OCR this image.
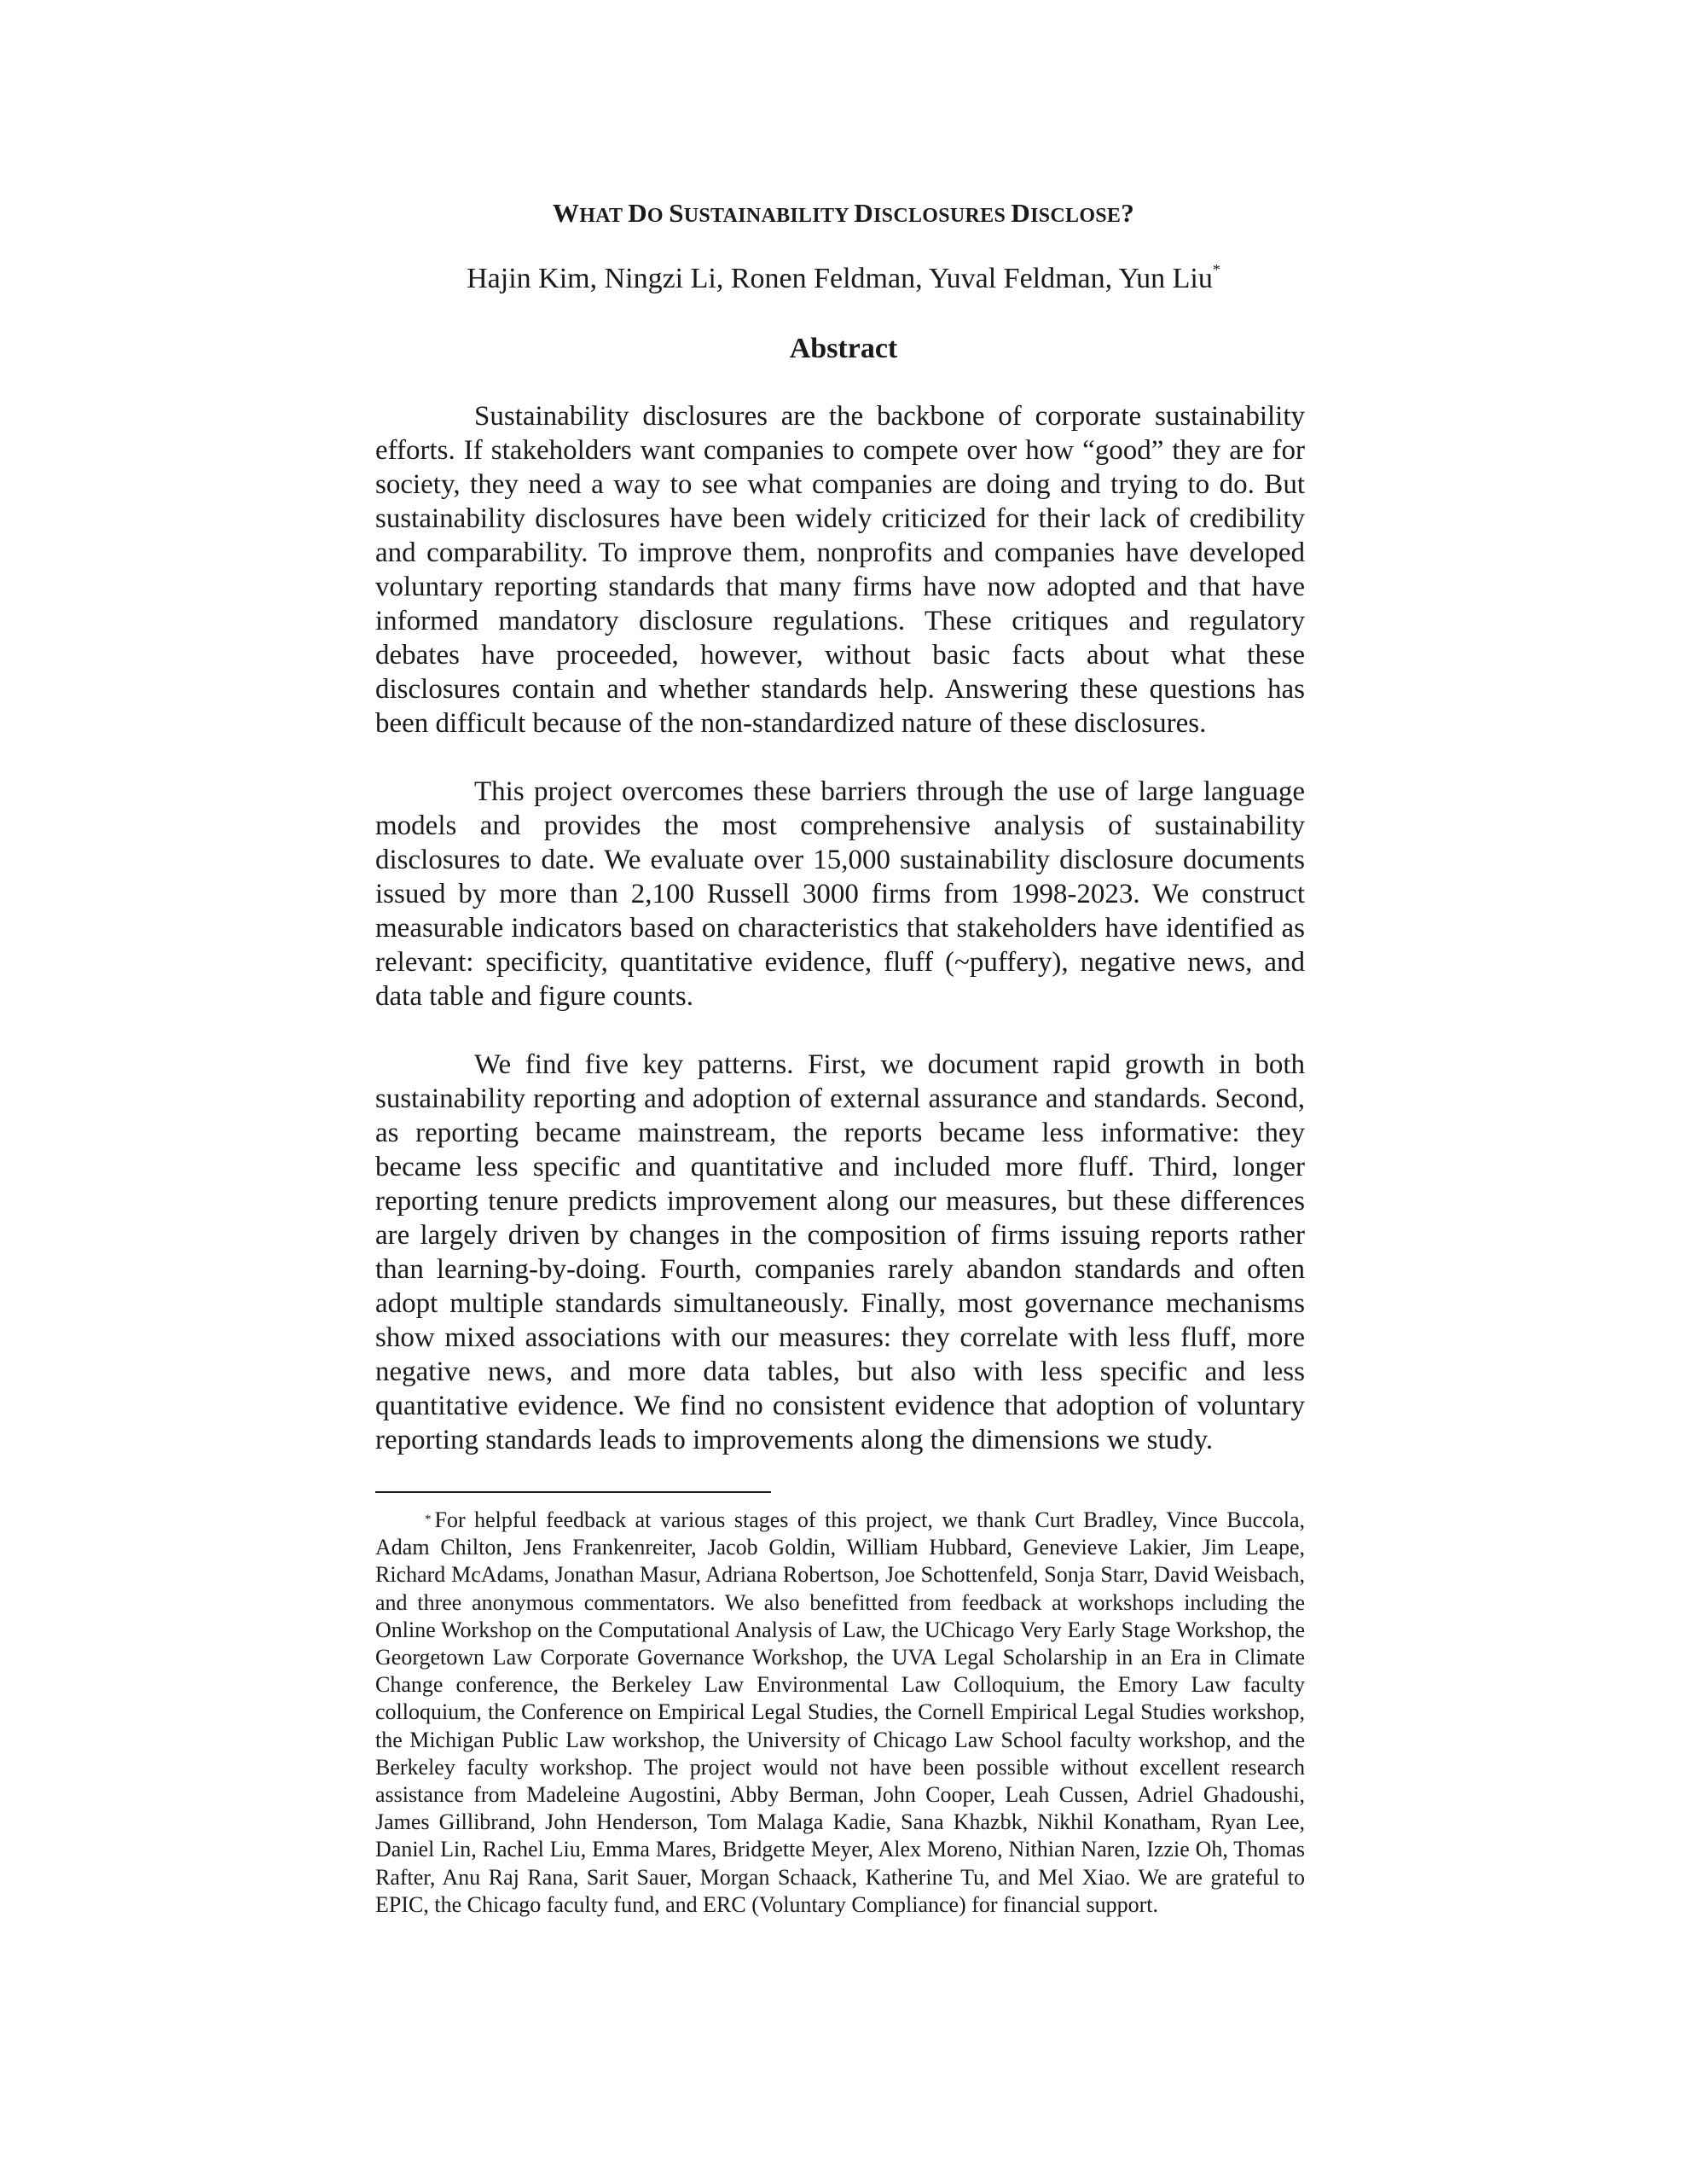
WHAT DO SUSTAINABILITY DISCLOSURES DISCLOSE?

Hajin Kim, Ningzi Li, Ronen Feldman, Yuval Feldman, Yun Liu*

Abstract

Sustainability disclosures are the backbone of corporate sustainability efforts. If stakeholders want companies to compete over how “good” they are for society, they need a way to see what companies are doing and trying to do. But sustainability disclosures have been widely criticized for their lack of credibility and comparability. To improve them, nonprofits and companies have developed voluntary reporting standards that many firms have now adopted and that have informed mandatory disclosure regulations. These critiques and regulatory debates have proceeded, however, without basic facts about what these disclosures contain and whether standards help. Answering these questions has been difficult because of the non-standardized nature of these disclosures.

This project overcomes these barriers through the use of large language models and provides the most comprehensive analysis of sustainability disclosures to date. We evaluate over 15,000 sustainability disclosure documents issued by more than 2,100 Russell 3000 firms from 1998-2023. We construct measurable indicators based on characteristics that stakeholders have identified as relevant: specificity, quantitative evidence, fluff (~puffery), negative news, and data table and figure counts.

We find five key patterns. First, we document rapid growth in both sustainability reporting and adoption of external assurance and standards. Second, as reporting became mainstream, the reports became less informative: they became less specific and quantitative and included more fluff. Third, longer reporting tenure predicts improvement along our measures, but these differences are largely driven by changes in the composition of firms issuing reports rather than learning-by-doing. Fourth, companies rarely abandon standards and often adopt multiple standards simultaneously. Finally, most governance mechanisms show mixed associations with our measures: they correlate with less fluff, more negative news, and more data tables, but also with less specific and less quantitative evidence. We find no consistent evidence that adoption of voluntary reporting standards leads to improvements along the dimensions we study.

* For helpful feedback at various stages of this project, we thank Curt Bradley, Vince Buccola, Adam Chilton, Jens Frankenreiter, Jacob Goldin, William Hubbard, Genevieve Lakier, Jim Leape, Richard McAdams, Jonathan Masur, Adriana Robertson, Joe Schottenfeld, Sonja Starr, David Weisbach, and three anonymous commentators. We also benefitted from feedback at workshops including the Online Workshop on the Computational Analysis of Law, the UChicago Very Early Stage Workshop, the Georgetown Law Corporate Governance Workshop, the UVA Legal Scholarship in an Era in Climate Change conference, the Berkeley Law Environmental Law Colloquium, the Emory Law faculty colloquium, the Conference on Empirical Legal Studies, the Cornell Empirical Legal Studies workshop, the Michigan Public Law workshop, the University of Chicago Law School faculty workshop, and the Berkeley faculty workshop. The project would not have been possible without excellent research assistance from Madeleine Augostini, Abby Berman, John Cooper, Leah Cussen, Adriel Ghadoushi, James Gillibrand, John Henderson, Tom Malaga Kadie, Sana Khazbk, Nikhil Konatham, Ryan Lee, Daniel Lin, Rachel Liu, Emma Mares, Bridgette Meyer, Alex Moreno, Nithian Naren, Izzie Oh, Thomas Rafter, Anu Raj Rana, Sarit Sauer, Morgan Schaack, Katherine Tu, and Mel Xiao. We are grateful to EPIC, the Chicago faculty fund, and ERC (Voluntary Compliance) for financial support.
